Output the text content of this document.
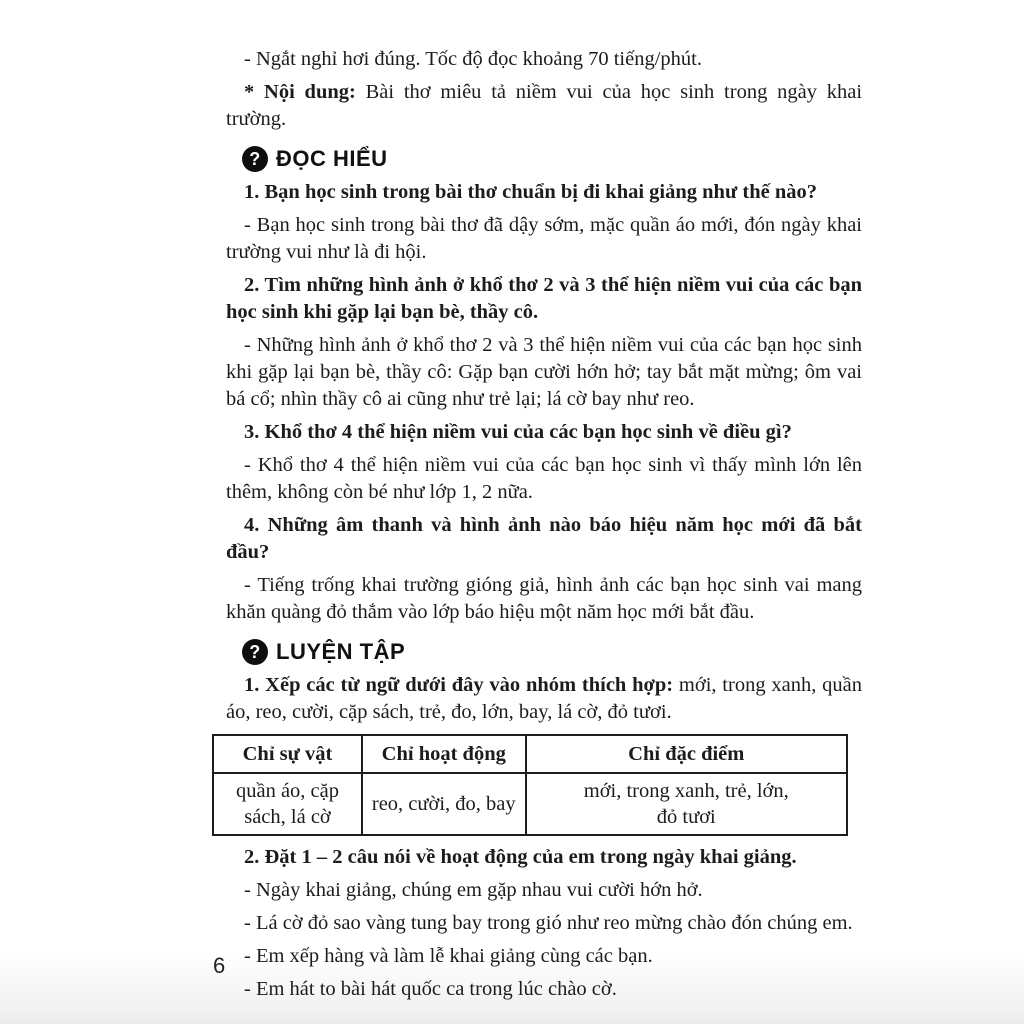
- Ngắt nghỉ hơi đúng. Tốc độ đọc khoảng 70 tiếng/phút.

* Nội dung: Bài thơ miêu tả niềm vui của học sinh trong ngày khai trường.

? ĐỌC HIỂU

1. Bạn học sinh trong bài thơ chuẩn bị đi khai giảng như thế nào?

- Bạn học sinh trong bài thơ đã dậy sớm, mặc quần áo mới, đón ngày khai trường vui như là đi hội.

2. Tìm những hình ảnh ở khổ thơ 2 và 3 thể hiện niềm vui của các bạn học sinh khi gặp lại bạn bè, thầy cô.

- Những hình ảnh ở khổ thơ 2 và 3 thể hiện niềm vui của các bạn học sinh khi gặp lại bạn bè, thầy cô: Gặp bạn cười hớn hở; tay bắt mặt mừng; ôm vai bá cổ; nhìn thầy cô ai cũng như trẻ lại; lá cờ bay như reo.

3. Khổ thơ 4 thể hiện niềm vui của các bạn học sinh về điều gì?

- Khổ thơ 4 thể hiện niềm vui của các bạn học sinh vì thấy mình lớn lên thêm, không còn bé như lớp 1, 2 nữa.

4. Những âm thanh và hình ảnh nào báo hiệu năm học mới đã bắt đầu?

- Tiếng trống khai trường gióng giả, hình ảnh các bạn học sinh vai mang khăn quàng đỏ thắm vào lớp báo hiệu một năm học mới bắt đầu.

? LUYỆN TẬP

1. Xếp các từ ngữ dưới đây vào nhóm thích hợp: mới, trong xanh, quần áo, reo, cười, cặp sách, trẻ, đo, lớn, bay, lá cờ, đỏ tươi.

Chỉ sự vật	Chỉ hoạt động	Chỉ đặc điểm
quần áo, cặp sách, lá cờ	reo, cười, đo, bay	mới, trong xanh, trẻ, lớn, đỏ tươi

2. Đặt 1 – 2 câu nói về hoạt động của em trong ngày khai giảng.

- Ngày khai giảng, chúng em gặp nhau vui cười hớn hở.

- Lá cờ đỏ sao vàng tung bay trong gió như reo mừng chào đón chúng em.

- Em xếp hàng và làm lễ khai giảng cùng các bạn.

- Em hát to bài hát quốc ca trong lúc chào cờ.

6
